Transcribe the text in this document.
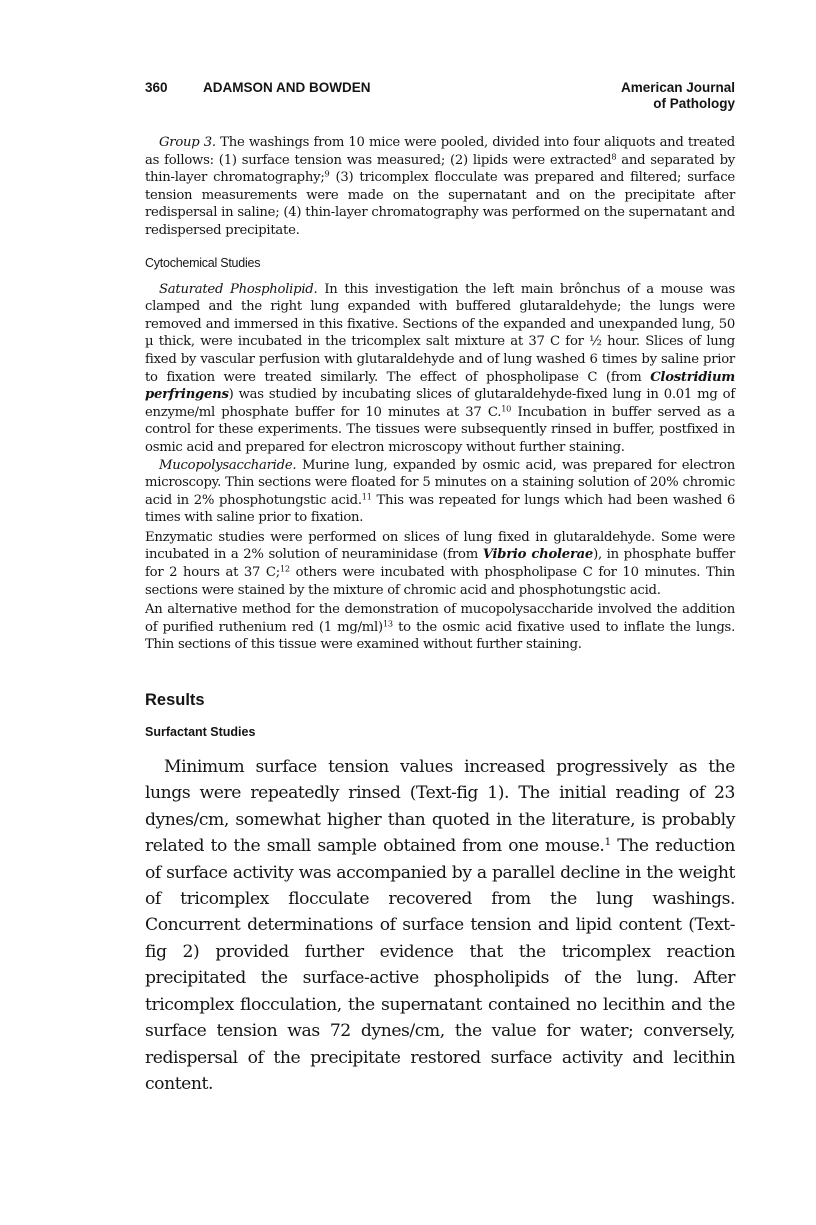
360	ADAMSON AND BOWDEN	American Journal
of Pathology

Group 3. The washings from 10 mice were pooled, divided into four aliquots and treated as follows: (1) surface tension was measured; (2) lipids were extracted$^8$ and separated by thin-layer chromatography;$^9$ (3) tricomplex flocculate was prepared and filtered; surface tension measurements were made on the supernatant and on the precipitate after redispersal in saline; (4) thin-layer chromatography was performed on the supernatant and redispersed precipitate.

Cytochemical Studies

Saturated Phospholipid. In this investigation the left main brônchus of a mouse was clamped and the right lung expanded with buffered glutaraldehyde; the lungs were removed and immersed in this fixative. Sections of the expanded and unexpanded lung, 50 µ thick, were incubated in the tricomplex salt mixture at 37 C for ½ hour. Slices of lung fixed by vascular perfusion with glutaraldehyde and of lung washed 6 times by saline prior to fixation were treated similarly. The effect of phospholipase C (from Clostridium perfringens) was studied by incubating slices of glutaraldehyde-fixed lung in 0.01 mg of enzyme/ml phosphate buffer for 10 minutes at 37 C.$^{10}$ Incubation in buffer served as a control for these experiments. The tissues were subsequently rinsed in buffer, postfixed in osmic acid and prepared for electron microscopy without further staining.

Mucopolysaccharide. Murine lung, expanded by osmic acid, was prepared for electron microscopy. Thin sections were floated for 5 minutes on a staining solution of 20% chromic acid in 2% phosphotungstic acid.$^{11}$ This was repeated for lungs which had been washed 6 times with saline prior to fixation.

Enzymatic studies were performed on slices of lung fixed in glutaraldehyde. Some were incubated in a 2% solution of neuraminidase (from Vibrio cholerae), in phosphate buffer for 2 hours at 37 C;$^{12}$ others were incubated with phospholipase C for 10 minutes. Thin sections were stained by the mixture of chromic acid and phosphotungstic acid.

An alternative method for the demonstration of mucopolysaccharide involved the addition of purified ruthenium red (1 mg/ml)$^{13}$ to the osmic acid fixative used to inflate the lungs. Thin sections of this tissue were examined without further staining.

Results
Surfactant Studies

Minimum surface tension values increased progressively as the lungs were repeatedly rinsed (Text-fig 1). The initial reading of 23 dynes/cm, somewhat higher than quoted in the literature, is probably related to the small sample obtained from one mouse.$^1$ The reduction of surface activity was accompanied by a parallel decline in the weight of tricomplex flocculate recovered from the lung washings. Concurrent determinations of surface tension and lipid content (Text-fig 2) provided further evidence that the tricomplex reaction precipitated the surface-active phospholipids of the lung. After tricomplex flocculation, the supernatant contained no lecithin and the surface tension was 72 dynes/cm, the value for water; conversely, redispersal of the precipitate restored surface activity and lecithin content.
